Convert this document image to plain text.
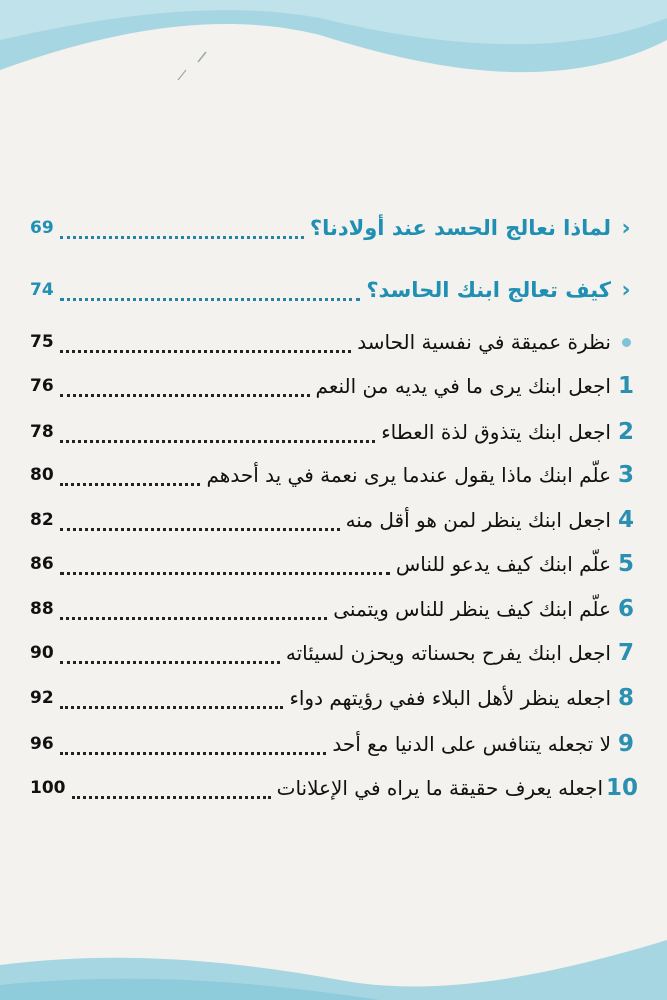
‹
لماذا نعالج الحسد عند أولادنا؟
69
‹
كيف تعالج ابنك الحاسد؟
74
نظرة عميقة في نفسية الحاسد
75
1
اجعل ابنك يرى ما في يديه من النعم
76
2
اجعل ابنك يتذوق لذة العطاء
78
3
علّم ابنك ماذا يقول عندما يرى نعمة في يد أحدهم
80
4
اجعل ابنك ينظر لمن هو أقل منه
82
5
علّم ابنك كيف يدعو للناس
86
6
علّم ابنك كيف ينظر للناس ويتمنى
88
7
اجعل ابنك يفرح بحسناته ويحزن لسيئاته
90
8
اجعله ينظر لأهل البلاء ففي رؤيتهم دواء
92
9
لا تجعله يتنافس على الدنيا مع أحد
96
10
اجعله يعرف حقيقة ما يراه في الإعلانات
100
